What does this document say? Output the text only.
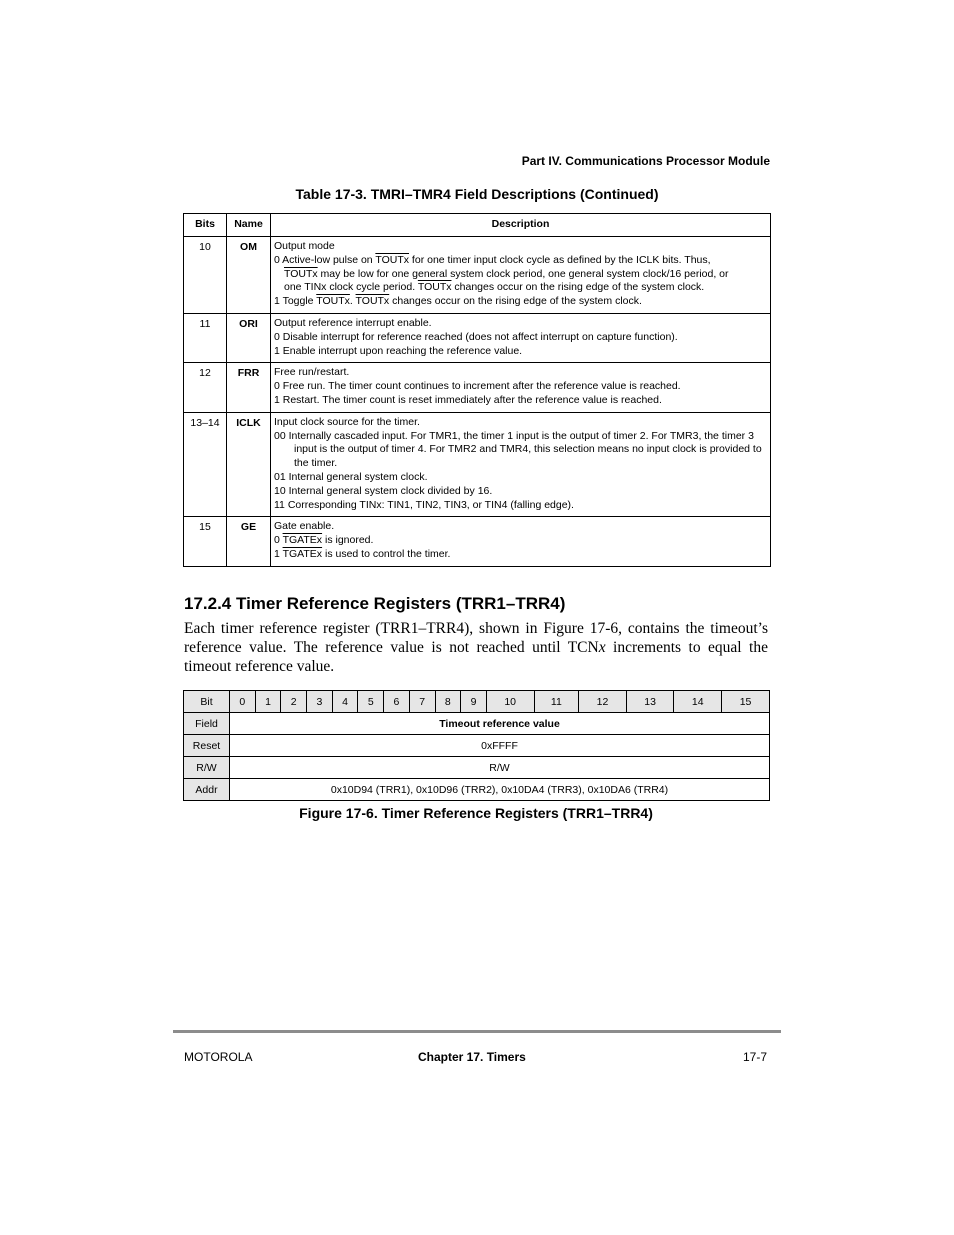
Part IV. Communications Processor Module
Table 17-3. TMRI–TMR4 Field Descriptions (Continued)
Bits	Name	Description
10	OM	Output mode
0 Active-low pulse on TOUTx for one timer input clock cycle as defined by the ICLK bits. Thus,
TOUTx may be low for one general system clock period, one general system clock/16 period, or
one TINx clock cycle period. TOUTx changes occur on the rising edge of the system clock.
1 Toggle TOUTx. TOUTx changes occur on the rising edge of the system clock.

11	ORI	Output reference interrupt enable.
0 Disable interrupt for reference reached (does not affect interrupt on capture function).
1 Enable interrupt upon reaching the reference value.

12	FRR	Free run/restart.
0 Free run. The timer count continues to increment after the reference value is reached.
1 Restart. The timer count is reset immediately after the reference value is reached.

13–14	ICLK	Input clock source for the timer.
00 Internally cascaded input. For TMR1, the timer 1 input is the output of timer 2. For TMR3, the timer 3 input is the output of timer 4. For TMR2 and TMR4, this selection means no input clock is provided to the timer.
01 Internal general system clock.
10 Internal general system clock divided by 16.
11 Corresponding TINx: TIN1, TIN2, TIN3, or TIN4 (falling edge).

15	GE	Gate enable.
0 TGATEx is ignored.
1 TGATEx is used to control the timer.
17.2.4 Timer Reference Registers (TRR1–TRR4)
Each timer reference register (TRR1–TRR4), shown in Figure 17-6, contains the timeout’s reference value. The reference value is not reached until TCNx increments to equal the timeout reference value.
Bit	0	1	2	3	4	5	6	7	8	9	10	11	12	13	14	15
Field	Timeout reference value															
Reset	0xFFFF															
R/W	R/W															
Addr	0x10D94 (TRR1), 0x10D96 (TRR2), 0x10DA4 (TRR3), 0x10DA6 (TRR4)															
Figure 17-6. Timer Reference Registers (TRR1–TRR4)
MOTOROLA	Chapter 17. Timers	17-7
